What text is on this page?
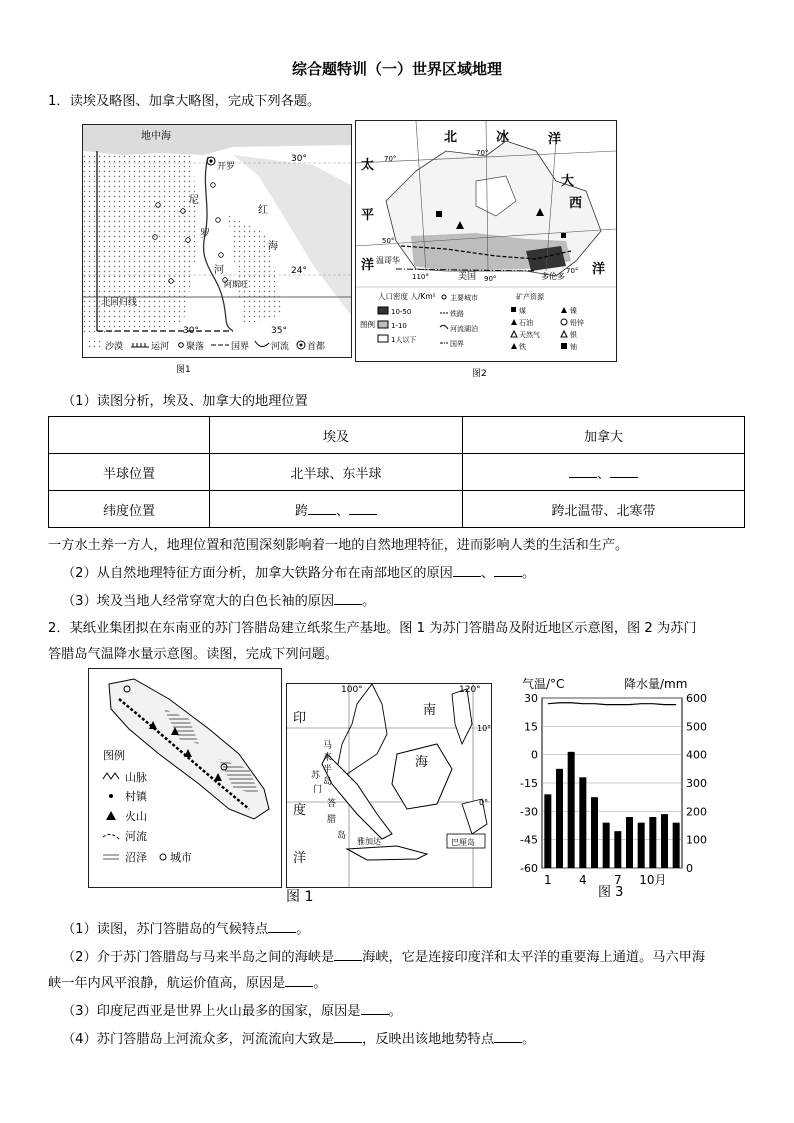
综合题特训（一）世界区域地理
1．读埃及略图、加拿大略图，完成下列各题。
地中海
开罗
尼
罗
河
红
海
阿斯旺
30°
24°
30°	35°
北回归线
沙漠	运河 聚落	国界 河流 首都
图1
北	冰	洋
太
平
洋
大
西
洋
70°
70°
70°
50°
温哥华
美国	多伦多
110°	90°
人口密度 人/Km²
图例
10-50
1-10
1人以下
主要城市
铁路
河流湖泊
国界
矿产资源
煤
石油
天然气
铁
镍
铅锌
银
铀
图2
（1）读图分析，埃及、加拿大的地理位置
	埃及	加拿大
半球位置	北半球、东半球	、
纬度位置	跨 、	跨北温带、北寒带
一方水土养一方人，地理位置和范围深刻影响着一地的自然地理特征，进而影响人类的生活和生产。
（2）从自然地理特征方面分析，加拿大铁路分布在南部地区的原因 、 。
（3）埃及当地人经常穿宽大的白色长袖的原因 。
2．某纸业集团拟在东南亚的苏门答腊岛建立纸浆生产基地。图 1 为苏门答腊岛及附近地区示意图，图 2 为苏门
答腊岛气温降水量示意图。读图，完成下列问题。
图例
山脉
村镇
火山
河流
沼泽 城市
100°	120°
10°
0°
印
度
洋
南
海
马
来
半
岛
苏
门
答
腊
岛
雅加达	巴厘岛
图 1
气温/°C	降水量/mm
30
15
0
-15
-30
-45
-60
600
500
400
300
200
100
0
1 4 7 10月
图 3
（1）读图，苏门答腊岛的气候特点 。
（2）介于苏门答腊岛与马来半岛之间的海峡是 海峡，它是连接印度洋和太平洋的重要海上通道。马六甲海
峡一年内风平浪静，航运价值高，原因是 。
（3）印度尼西亚是世界上火山最多的国家，原因是 。
（4）苏门答腊岛上河流众多，河流流向大致是 ，反映出该地地势特点 。
